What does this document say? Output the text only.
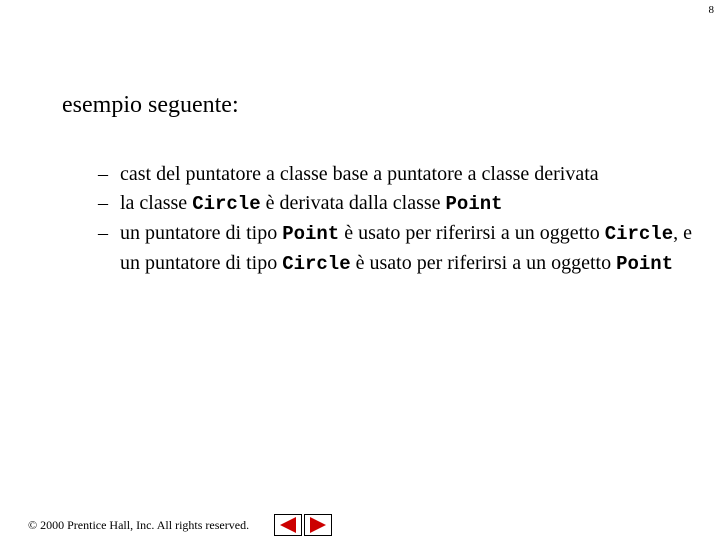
8
esempio seguente:
– cast del puntatore a classe base a puntatore a classe derivata
– la classe Circle è derivata dalla classe Point
– un puntatore di tipo Point è usato per riferirsi a un oggetto Circle, e un puntatore di tipo Circle è usato per riferirsi a un oggetto Point
© 2000 Prentice Hall, Inc. All rights reserved.
